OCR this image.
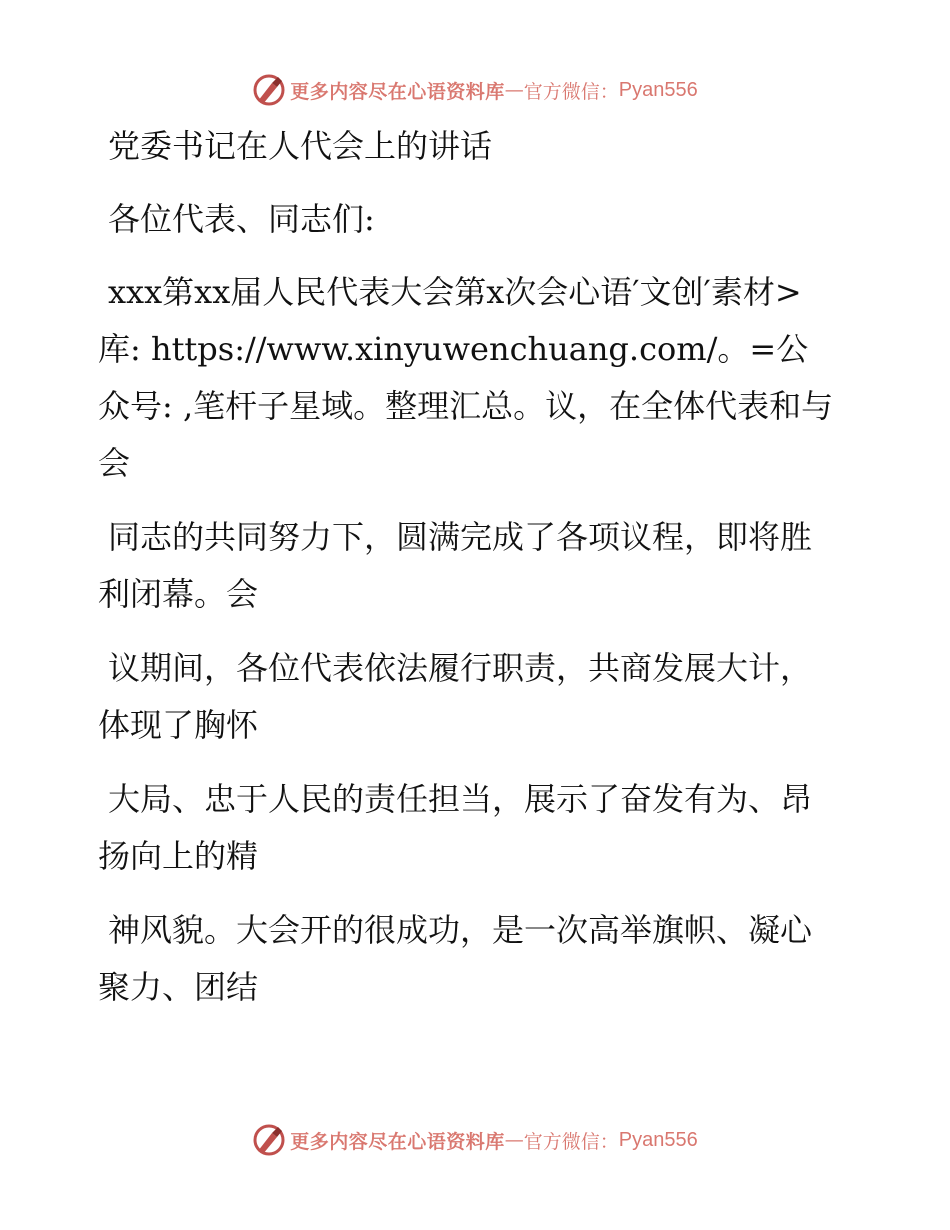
更多内容尽在心语资料库 — 官方微信： Pyan556

党委书记在人代会上的讲话

各位代表、同志们:

xxx第xx届人民代表大会第x次会心语′文创′素材>库: https://www.xinyuwenchuang.com/。=公众号: ,笔杆子星域。整理汇总。议，在全体代表和与会

同志的共同努力下，圆满完成了各项议程，即将胜利闭幕。会

议期间，各位代表依法履行职责，共商发展大计，体现了胸怀

大局、忠于人民的责任担当，展示了奋发有为、昂扬向上的精

神风貌。大会开的很成功，是一次高举旗帜、凝心聚力、团结

更多内容尽在心语资料库 — 官方微信： Pyan556
